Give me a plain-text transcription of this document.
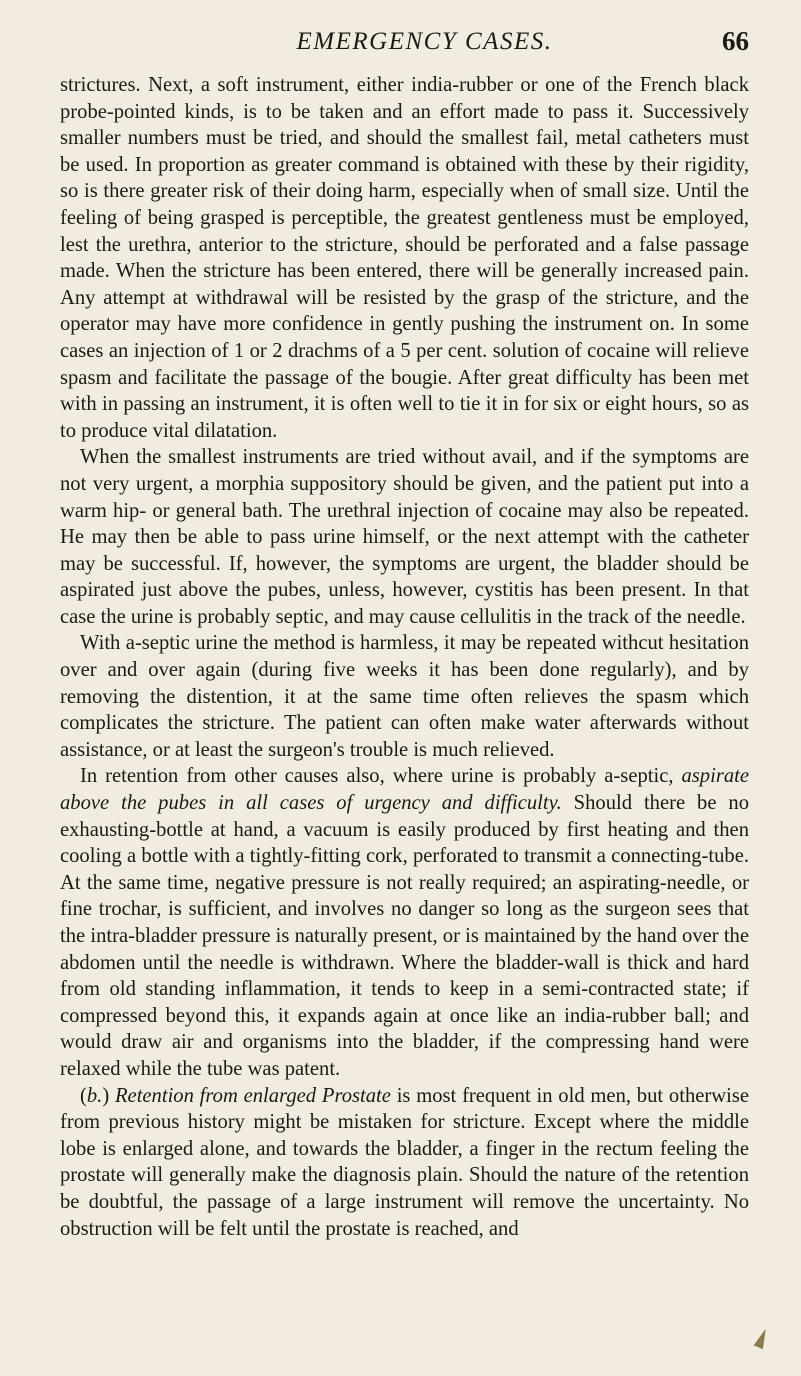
EMERGENCY CASES.	66

strictures. Next, a soft instrument, either india-rubber or one of the French black probe-pointed kinds, is to be taken and an effort made to pass it. Successively smaller numbers must be tried, and should the smallest fail, metal catheters must be used. In proportion as greater command is obtained with these by their rigidity, so is there greater risk of their doing harm, especially when of small size. Until the feeling of being grasped is perceptible, the greatest gentleness must be employed, lest the urethra, anterior to the stricture, should be perforated and a false passage made. When the stricture has been entered, there will be generally increased pain. Any attempt at withdrawal will be resisted by the grasp of the stricture, and the operator may have more confidence in gently pushing the instrument on. In some cases an injection of 1 or 2 drachms of a 5 per cent. solution of cocaine will relieve spasm and facilitate the passage of the bougie. After great difficulty has been met with in passing an instrument, it is often well to tie it in for six or eight hours, so as to produce vital dilatation.

When the smallest instruments are tried without avail, and if the symptoms are not very urgent, a morphia suppository should be given, and the patient put into a warm hip- or general bath. The urethral injection of cocaine may also be repeated. He may then be able to pass urine himself, or the next attempt with the catheter may be successful. If, however, the symptoms are urgent, the bladder should be aspirated just above the pubes, unless, however, cystitis has been present. In that case the urine is probably septic, and may cause cellulitis in the track of the needle.

With a-septic urine the method is harmless, it may be repeated withcut hesitation over and over again (during five weeks it has been done regularly), and by removing the distention, it at the same time often relieves the spasm which complicates the stricture. The patient can often make water afterwards without assistance, or at least the surgeon's trouble is much relieved.

In retention from other causes also, where urine is probably a-septic, aspirate above the pubes in all cases of urgency and difficulty. Should there be no exhausting-bottle at hand, a vacuum is easily produced by first heating and then cooling a bottle with a tightly-fitting cork, perforated to transmit a connecting-tube. At the same time, negative pressure is not really required; an aspirating-needle, or fine trochar, is sufficient, and involves no danger so long as the surgeon sees that the intra-bladder pressure is naturally present, or is maintained by the hand over the abdomen until the needle is withdrawn. Where the bladder-wall is thick and hard from old standing inflammation, it tends to keep in a semi-contracted state; if compressed beyond this, it expands again at once like an india-rubber ball; and would draw air and organisms into the bladder, if the compressing hand were relaxed while the tube was patent.

(b.) Retention from enlarged Prostate is most frequent in old men, but otherwise from previous history might be mistaken for stricture. Except where the middle lobe is enlarged alone, and towards the bladder, a finger in the rectum feeling the prostate will generally make the diagnosis plain. Should the nature of the retention be doubtful, the passage of a large instrument will remove the uncertainty. No obstruction will be felt until the prostate is reached, and
